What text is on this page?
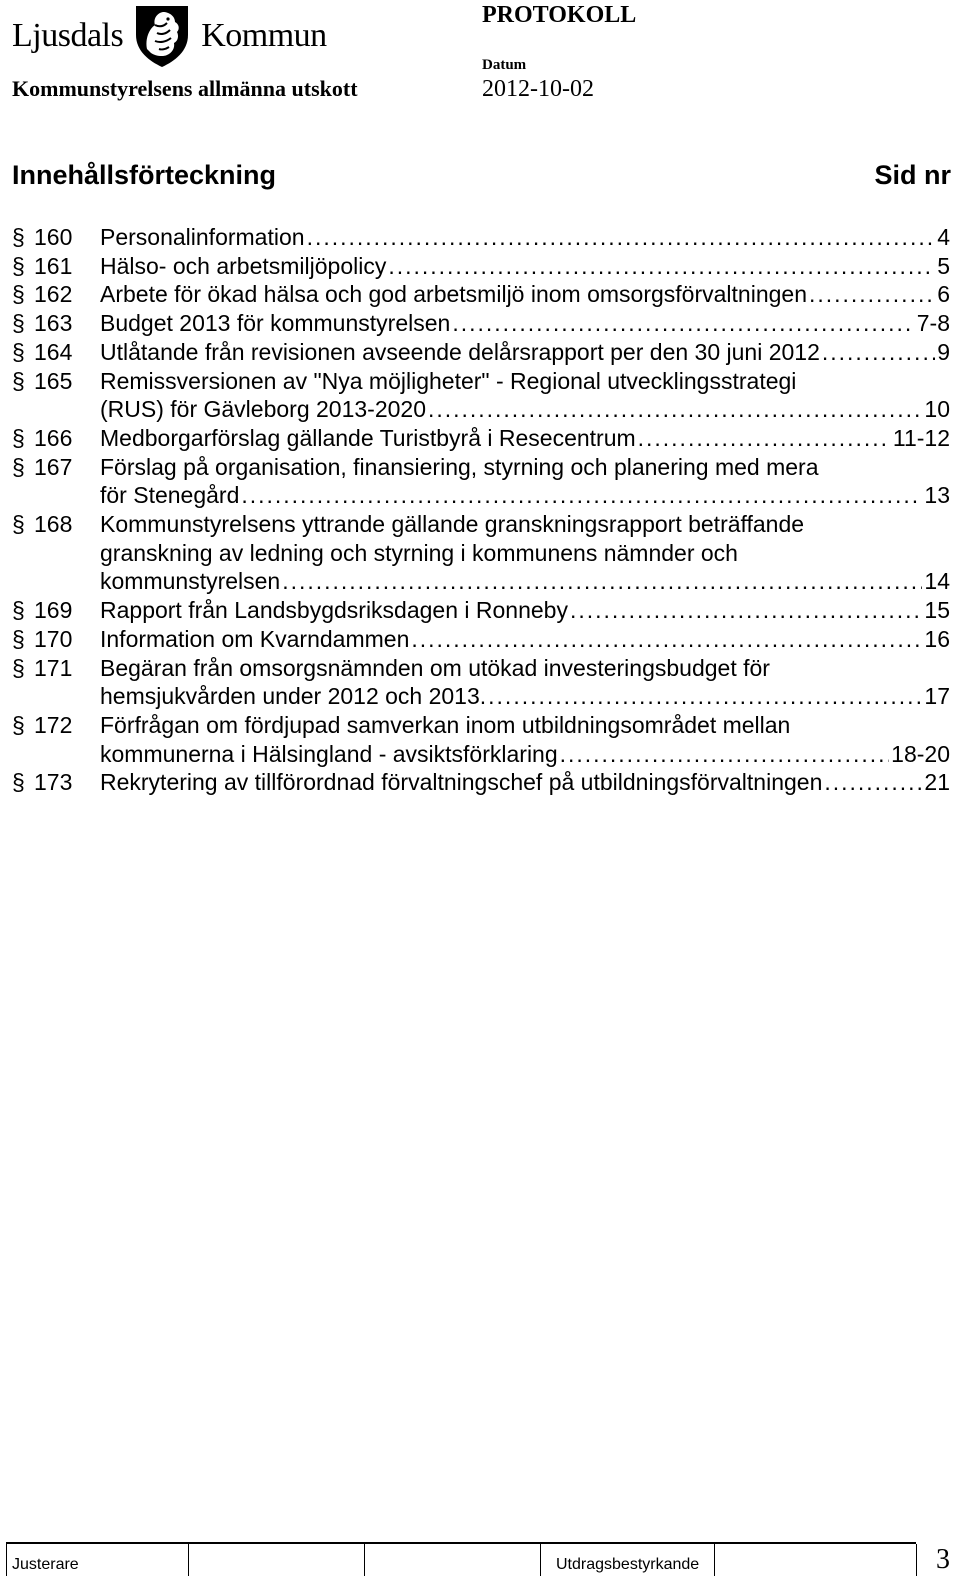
Ljusdals Kommun
PROTOKOLL
Datum
2012-10-02
Kommunstyrelsens allmänna utskott
Innehållsförteckning	Sid nr
§ 160 Personalinformation . . .	4
§ 161 Hälso- och arbetsmiljöpolicy . . .	5
§ 162 Arbete för ökad hälsa och god arbetsmiljö inom omsorgsförvaltningen . . .	6
§ 163 Budget 2013 för kommunstyrelsen . . .	7-8
§ 164 Utlåtande från revisionen avseende delårsrapport per den 30 juni 2012 . . .	9
§ 165 Remissversionen av "Nya möjligheter" - Regional utvecklingsstrategi
(RUS) för Gävleborg 2013-2020 . . .	10
§ 166 Medborgarförslag gällande Turistbyrå i Resecentrum . . .	11-12
§ 167 Förslag på organisation, finansiering, styrning och planering med mera
för Stenegård . . .	13
§ 168 Kommunstyrelsens yttrande gällande granskningsrapport beträffande
granskning av ledning och styrning i kommunens nämnder och
kommunstyrelsen . . .	14
§ 169 Rapport från Landsbygdsriksdagen i Ronneby . . .	15
§ 170 Information om Kvarndammen . . .	16
§ 171 Begäran från omsorgsnämnden om utökad investeringsbudget för
hemsjukvården under 2012 och 2013. . . .	17
§ 172 Förfrågan om fördjupad samverkan inom utbildningsområdet mellan
kommunerna i Hälsingland - avsiktsförklaring . . .	18-20
§ 173 Rekrytering av tillförordnad förvaltningschef på utbildningsförvaltningen . . .	21
Justerare	Utdragsbestyrkande	3
